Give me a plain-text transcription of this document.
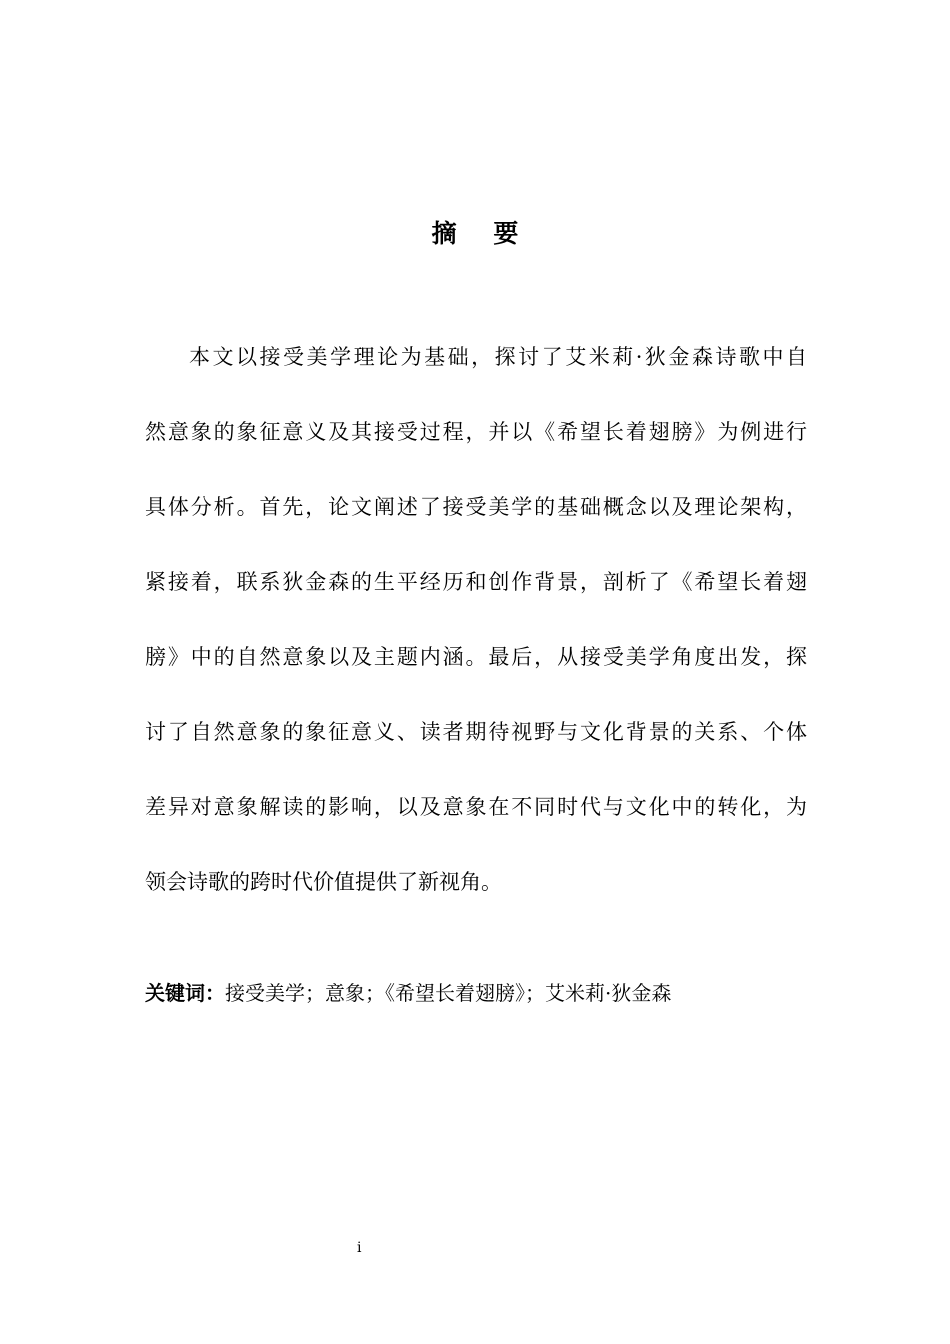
摘 要
本文以接受美学理论为基础，探讨了艾米莉·狄金森诗歌中自
然意象的象征意义及其接受过程，并以《希望长着翅膀》为例进行
具体分析。首先，论文阐述了接受美学的基础概念以及理论架构，
紧接着，联系狄金森的生平经历和创作背景，剖析了《希望长着翅
膀》中的自然意象以及主题内涵。最后，从接受美学角度出发，探
讨了自然意象的象征意义、读者期待视野与文化背景的关系、个体
差异对意象解读的影响，以及意象在不同时代与文化中的转化，为
领会诗歌的跨时代价值提供了新视角。
关键词：接受美学；意象；《希望长着翅膀》；艾米莉·狄金森
i
